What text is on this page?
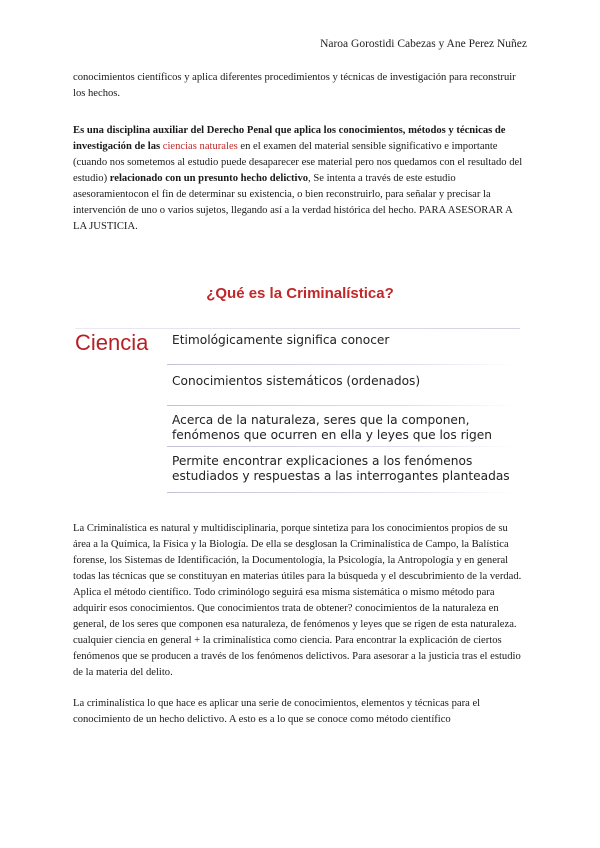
Naroa Gorostidi Cabezas y Ane Perez Nuñez

conocimientos científicos y aplica diferentes procedimientos y técnicas de investigación para reconstruir los hechos.

Es una disciplina auxiliar del Derecho Penal que aplica los conocimientos, métodos y técnicas de investigación de las ciencias naturales en el examen del material sensible significativo e importante (cuando nos sometemos al estudio puede desaparecer ese material pero nos quedamos con el resultado del estudio) relacionado con un presunto hecho delictivo, Se intenta a través de este estudio asesoramientocon el fin de determinar su existencia, o bien reconstruirlo, para señalar y precisar la intervención de uno o varios sujetos, llegando así a la verdad histórica del hecho. PARA ASESORAR A LA JUSTICIA.

¿Qué es la Criminalística?
Ciencia Etimológicamente significa conocer
Conocimientos sistemáticos (ordenados)
Acerca de la naturaleza, seres que la componen,
fenómenos que ocurren en ella y leyes que los rigen
Permite encontrar explicaciones a los fenómenos
estudiados y respuestas a las interrogantes planteadas

La Criminalística es natural y multidisciplinaria, porque sintetiza para los conocimientos propios de su área a la Química, la Física y la Biología. De ella se desglosan la Criminalística de Campo, la Balística forense, los Sistemas de Identificación, la Documentología, la Psicología, la Antropología y en general todas las técnicas que se constituyan en materias útiles para la búsqueda y el descubrimiento de la verdad. Aplica el método científico. Todo criminólogo seguirá esa misma sistemática o mismo método para adquirir esos conocimientos. Que conocimientos trata de obtener? conocimientos de la naturaleza en general, de los seres que componen esa naturaleza, de fenómenos y leyes que se rigen de esta naturaleza. cualquier ciencia en general + la criminalística como ciencia. Para encontrar la explicación de ciertos fenómenos que se producen a través de los fenómenos delictivos. Para asesorar a la justicia tras el estudio de la materia del delito.

La criminalística lo que hace es aplicar una serie de conocimientos, elementos y técnicas para el conocimiento de un hecho delictivo. A esto es a lo que se conoce como método científico
